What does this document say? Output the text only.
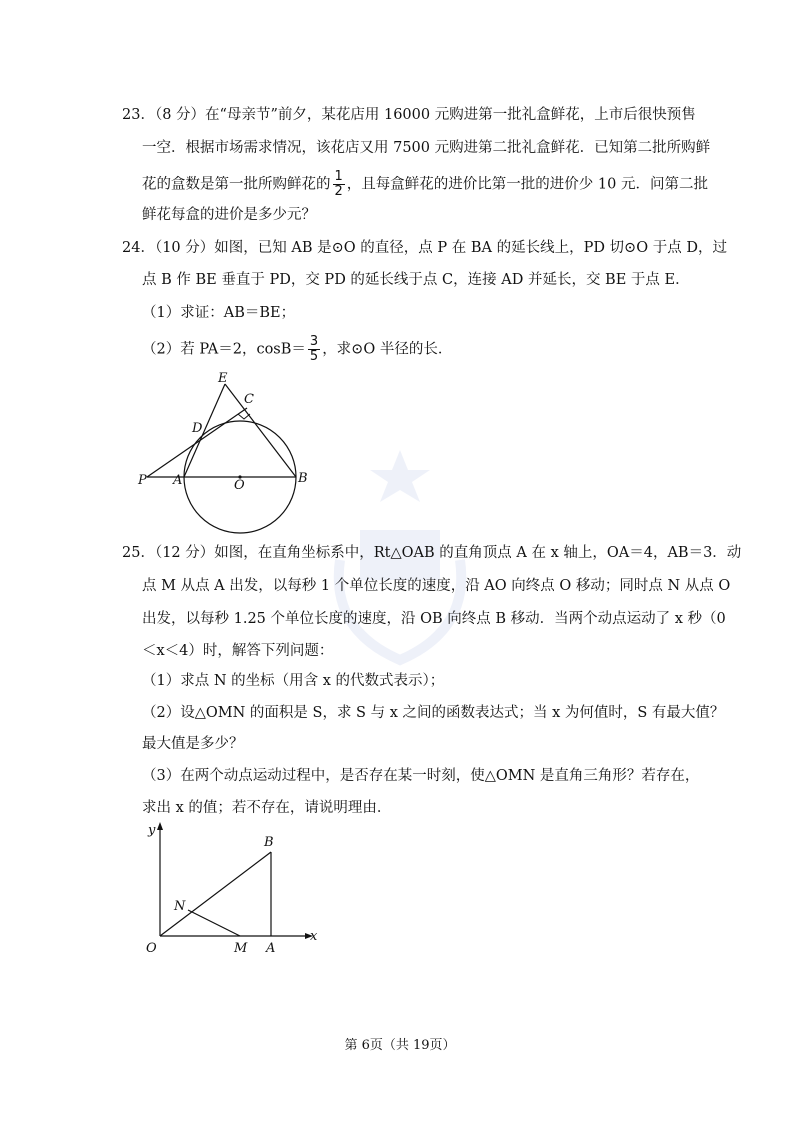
23．（8 分）在“母亲节”前夕，某花店用 16000 元购进第一批礼盒鲜花，上市后很快预售
一空．根据市场需求情况，该花店又用 7500 元购进第二批礼盒鲜花．已知第二批所购鲜
花的盒数是第一批所购鲜花的 $\frac{1}{2}$ ，且每盒鲜花的进价比第一批的进价少 10 元．问第二批
鲜花每盒的进价是多少元？
24．（10 分）如图，已知 AB 是⊙O 的直径，点 P 在 BA 的延长线上，PD 切⊙O 于点 D，过
点 B 作 BE 垂直于 PD，交 PD 的延长线于点 C，连接 AD 并延长，交 BE 于点 E．
（1）求证：AB＝BE；
（2）若 PA＝2，$\cos B= \frac{3}{5}$ ，求⊙O 半径的长．
E
C
D
P A	O	B
25．（12 分）如图，在直角坐标系中，Rt△OAB 的直角顶点 A 在 x 轴上，OA＝4，AB＝3．动
点 M 从点 A 出发，以每秒 1 个单位长度的速度，沿 AO 向终点 O 移动；同时点 N 从点 O
出发，以每秒 1.25 个单位长度的速度，沿 OB 向终点 B 移动．当两个动点运动了 x 秒（0
＜x＜4）时，解答下列问题：
（1）求点 N 的坐标（用含 x 的代数式表示）；
（2）设△OMN 的面积是 S，求 S 与 x 之间的函数表达式；当 x 为何值时，S 有最大值？
最大值是多少？
（3）在两个动点运动过程中，是否存在某一时刻，使△OMN 是直角三角形？若存在，
求出 x 的值；若不存在，请说明理由．
y
x
B
N
O	M A
第 6页（共 19页）
